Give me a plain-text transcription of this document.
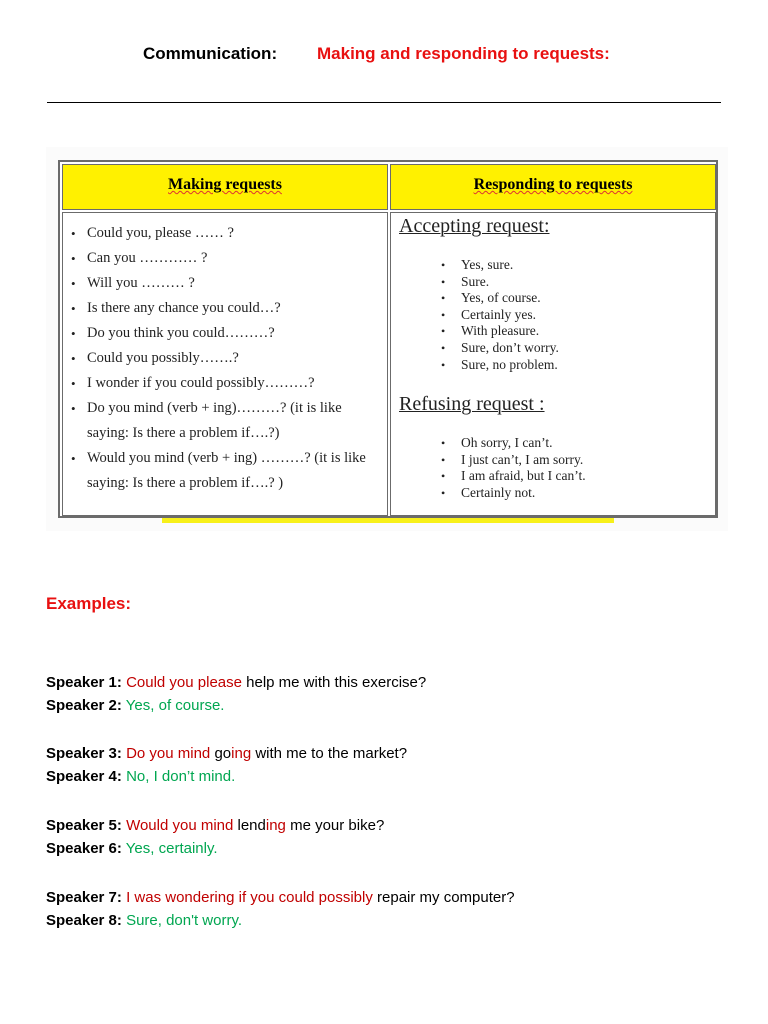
Communication: Making and responding to requests:
Making requests	Responding to requests
• Could you, please …… ?
• Can you ………… ?
• Will you ……… ?
• Is there any chance you could…?
• Do you think you could………?
• Could you possibly…….?
• I wonder if you could possibly………?
• Do you mind (verb + ing)………? (it is like saying: Is there a problem if….?)
• Would you mind (verb + ing) ………? (it is like saying: Is there a problem if….? )
Accepting request:
• Yes, sure.
• Sure.
• Yes, of course.
• Certainly yes.
• With pleasure.
• Sure, don’t worry.
• Sure, no problem.
Refusing request :
• Oh sorry, I can’t.
• I just can’t, I am sorry.
• I am afraid, but I can’t.
• Certainly not.
Examples:
Speaker 1: Could you please help me with this exercise?
Speaker 2: Yes, of course.
Speaker 3: Do you mind going with me to the market?
Speaker 4: No, I don’t mind.
Speaker 5: Would you mind lending me your bike?
Speaker 6: Yes, certainly.
Speaker 7: I was wondering if you could possibly repair my computer?
Speaker 8: Sure, don't worry.
